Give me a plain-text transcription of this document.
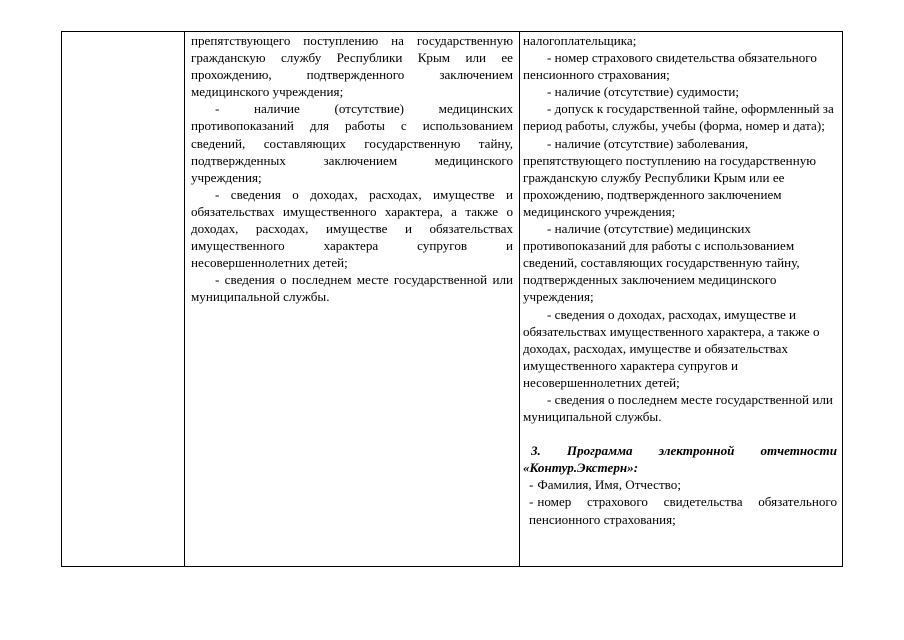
препятствующего поступлению на государственную гражданскую службу Республики Крым или ее прохождению, подтвержденного заключением медицинского учреждения;

- наличие (отсутствие) медицинских противопоказаний для работы с использованием сведений, составляющих государственную тайну, подтвержденных заключением медицинского учреждения;

- сведения о доходах, расходах, имуществе и обязательствах имущественного характера, а также о доходах, расходах, имуществе и обязательствах имущественного характера супругов и несовершеннолетних детей;

- сведения о последнем месте государственной или муниципальной службы.

налогоплательщика;

- номер страхового свидетельства обязательного пенсионного страхования;

- наличие (отсутствие) судимости;

- допуск к государственной тайне, оформленный за период работы, службы, учебы (форма, номер и дата);

- наличие (отсутствие) заболевания, препятствующего поступлению на государственную гражданскую службу Республики Крым или ее прохождению, подтвержденного заключением медицинского учреждения;

- наличие (отсутствие) медицинских противопоказаний для работы с использованием сведений, составляющих государственную тайну, подтвержденных заключением медицинского учреждения;

- сведения о доходах, расходах, имуществе и обязательствах имущественного характера, а также о доходах, расходах, имуществе и обязательствах имущественного характера супругов и несовершеннолетних детей;

- сведения о последнем месте государственной или муниципальной службы.

3. Программа электронной отчетности «Контур.Экстерн»:

- Фамилия, Имя, Отчество;

- номер страхового свидетельства обязательного пенсионного страхования;
